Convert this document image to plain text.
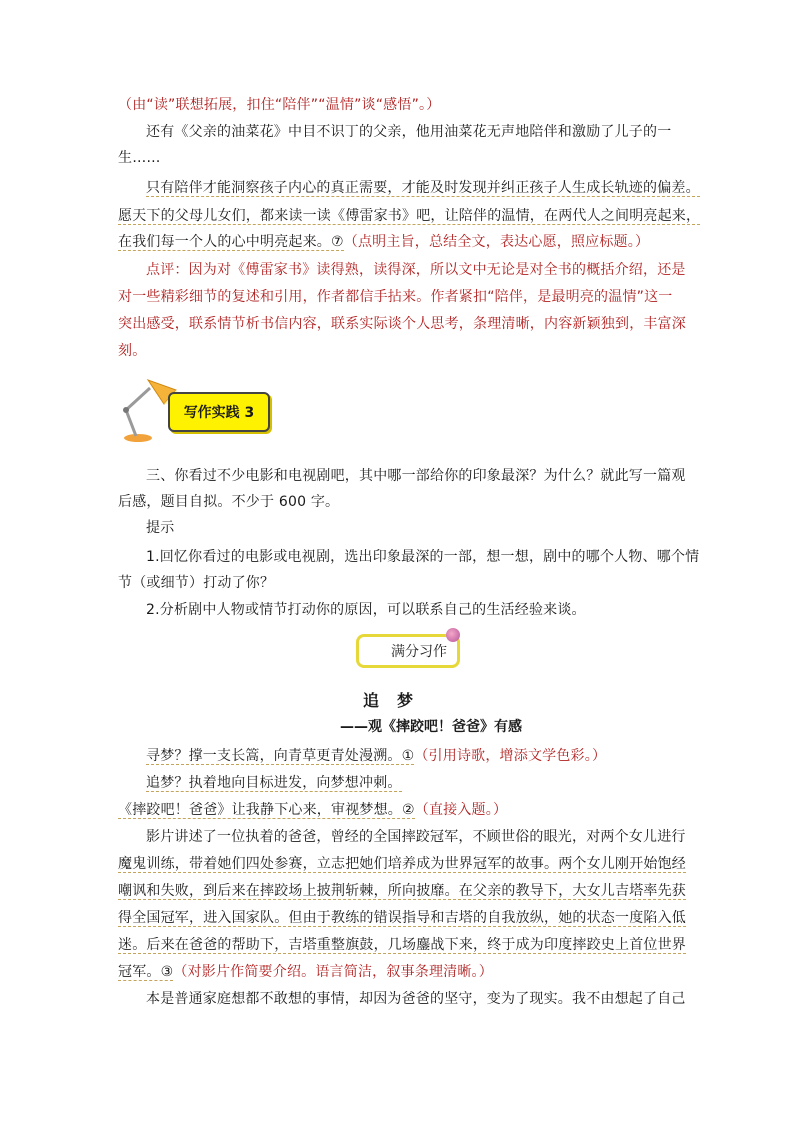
（由“读”联想拓展，扣住“陪伴”“温情”谈“感悟”。）
还有《父亲的油菜花》中目不识丁的父亲，他用油菜花无声地陪伴和激励了儿子的一
生……
只有陪伴才能洞察孩子内心的真正需要，才能及时发现并纠正孩子人生成长轨迹的偏差。
愿天下的父母儿女们，都来读一读《傅雷家书》吧，让陪伴的温情，在两代人之间明亮起来，
在我们每一个人的心中明亮起来。⑦（点明主旨，总结全文，表达心愿，照应标题。）
点评：因为对《傅雷家书》读得熟，读得深，所以文中无论是对全书的概括介绍，还是
对一些精彩细节的复述和引用，作者都信手拈来。作者紧扣“陪伴，是最明亮的温情”这一
突出感受，联系情节析书信内容，联系实际谈个人思考，条理清晰，内容新颖独到，丰富深
刻。
写作实践 3
三、你看过不少电影和电视剧吧，其中哪一部给你的印象最深？为什么？就此写一篇观
后感，题目自拟。不少于 600 字。
提示
1.回忆你看过的电影或电视剧，选出印象最深的一部，想一想，剧中的哪个人物、哪个情
节（或细节）打动了你？
2.分析剧中人物或情节打动你的原因，可以联系自己的生活经验来谈。
满分习作
追梦
——观《摔跤吧！爸爸》有感
寻梦？撑一支长篙，向青草更青处漫溯。①（引用诗歌，增添文学色彩。）
追梦？执着地向目标进发，向梦想冲刺。
《摔跤吧！爸爸》让我静下心来，审视梦想。②（直接入题。）
影片讲述了一位执着的爸爸，曾经的全国摔跤冠军，不顾世俗的眼光，对两个女儿进行
魔鬼训练，带着她们四处参赛，立志把她们培养成为世界冠军的故事。两个女儿刚开始饱经
嘲讽和失败，到后来在摔跤场上披荆斩棘，所向披靡。在父亲的教导下，大女儿吉塔率先获
得全国冠军，进入国家队。但由于教练的错误指导和吉塔的自我放纵，她的状态一度陷入低
迷。后来在爸爸的帮助下，吉塔重整旗鼓，几场鏖战下来，终于成为印度摔跤史上首位世界
冠军。③（对影片作简要介绍。语言简洁，叙事条理清晰。）
本是普通家庭想都不敢想的事情，却因为爸爸的坚守，变为了现实。我不由想起了自己
